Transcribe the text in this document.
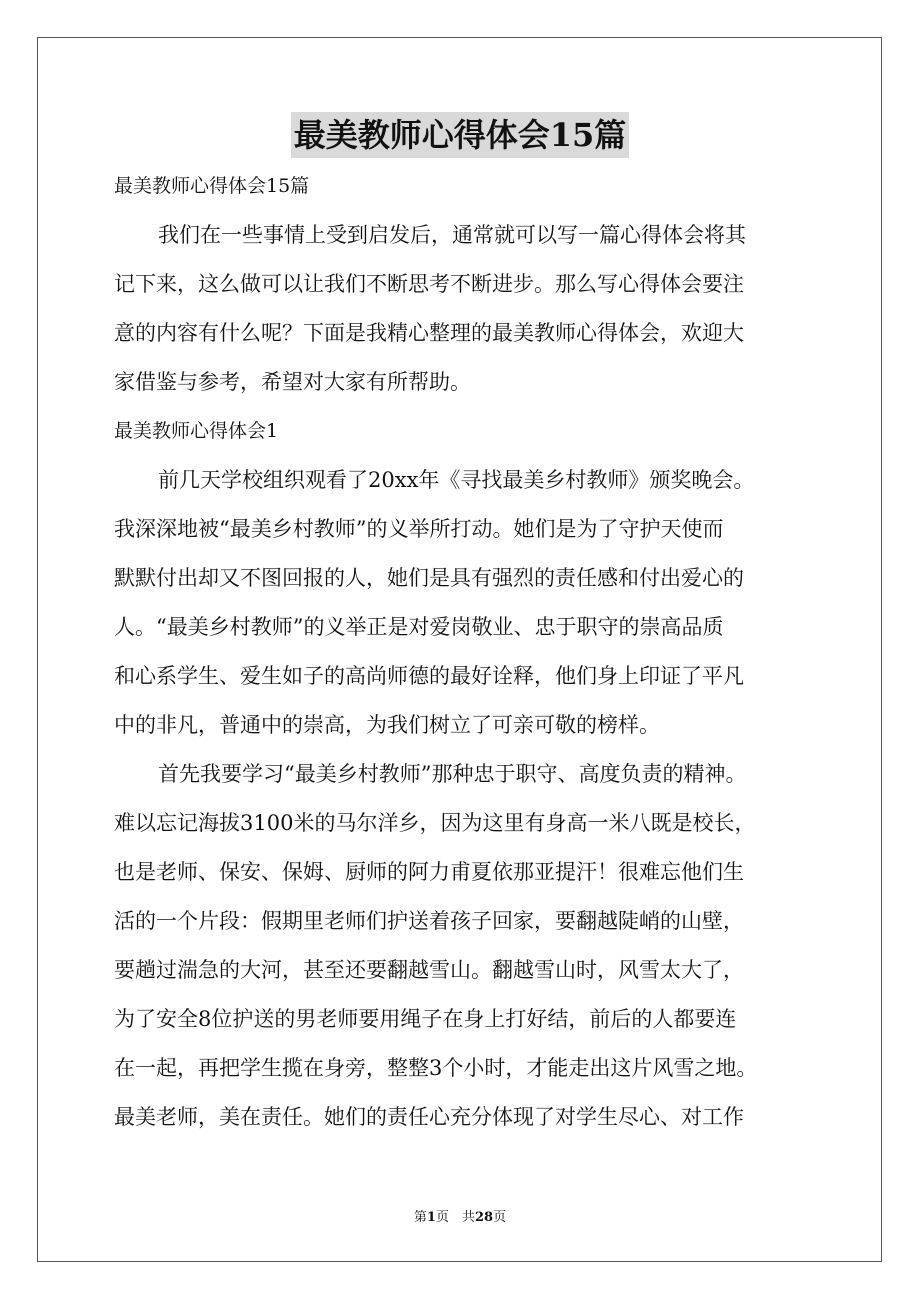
最美教师心得体会15篇

最美教师心得体会15篇

我们在一些事情上受到启发后，通常就可以写一篇心得体会将其

记下来，这么做可以让我们不断思考不断进步。那么写心得体会要注

意的内容有什么呢？下面是我精心整理的最美教师心得体会，欢迎大

家借鉴与参考，希望对大家有所帮助。

最美教师心得体会1

前几天学校组织观看了20xx年《寻找最美乡村教师》颁奖晚会。

我深深地被“最美乡村教师”的义举所打动。她们是为了守护天使而

默默付出却又不图回报的人，她们是具有强烈的责任感和付出爱心的

人。“最美乡村教师”的义举正是对爱岗敬业、忠于职守的崇高品质

和心系学生、爱生如子的高尚师德的最好诠释，他们身上印证了平凡

中的非凡，普通中的崇高，为我们树立了可亲可敬的榜样。

首先我要学习“最美乡村教师”那种忠于职守、高度负责的精神。

难以忘记海拔3100米的马尔洋乡，因为这里有身高一米八既是校长，

也是老师、保安、保姆、厨师的阿力甫夏依那亚提汗！很难忘他们生

活的一个片段：假期里老师们护送着孩子回家，要翻越陡峭的山壁，

要趟过湍急的大河，甚至还要翻越雪山。翻越雪山时，风雪太大了，

为了安全8位护送的男老师要用绳子在身上打好结，前后的人都要连

在一起，再把学生揽在身旁，整整3个小时，才能走出这片风雪之地。

最美老师，美在责任。她们的责任心充分体现了对学生尽心、对工作

第1页　共28页
